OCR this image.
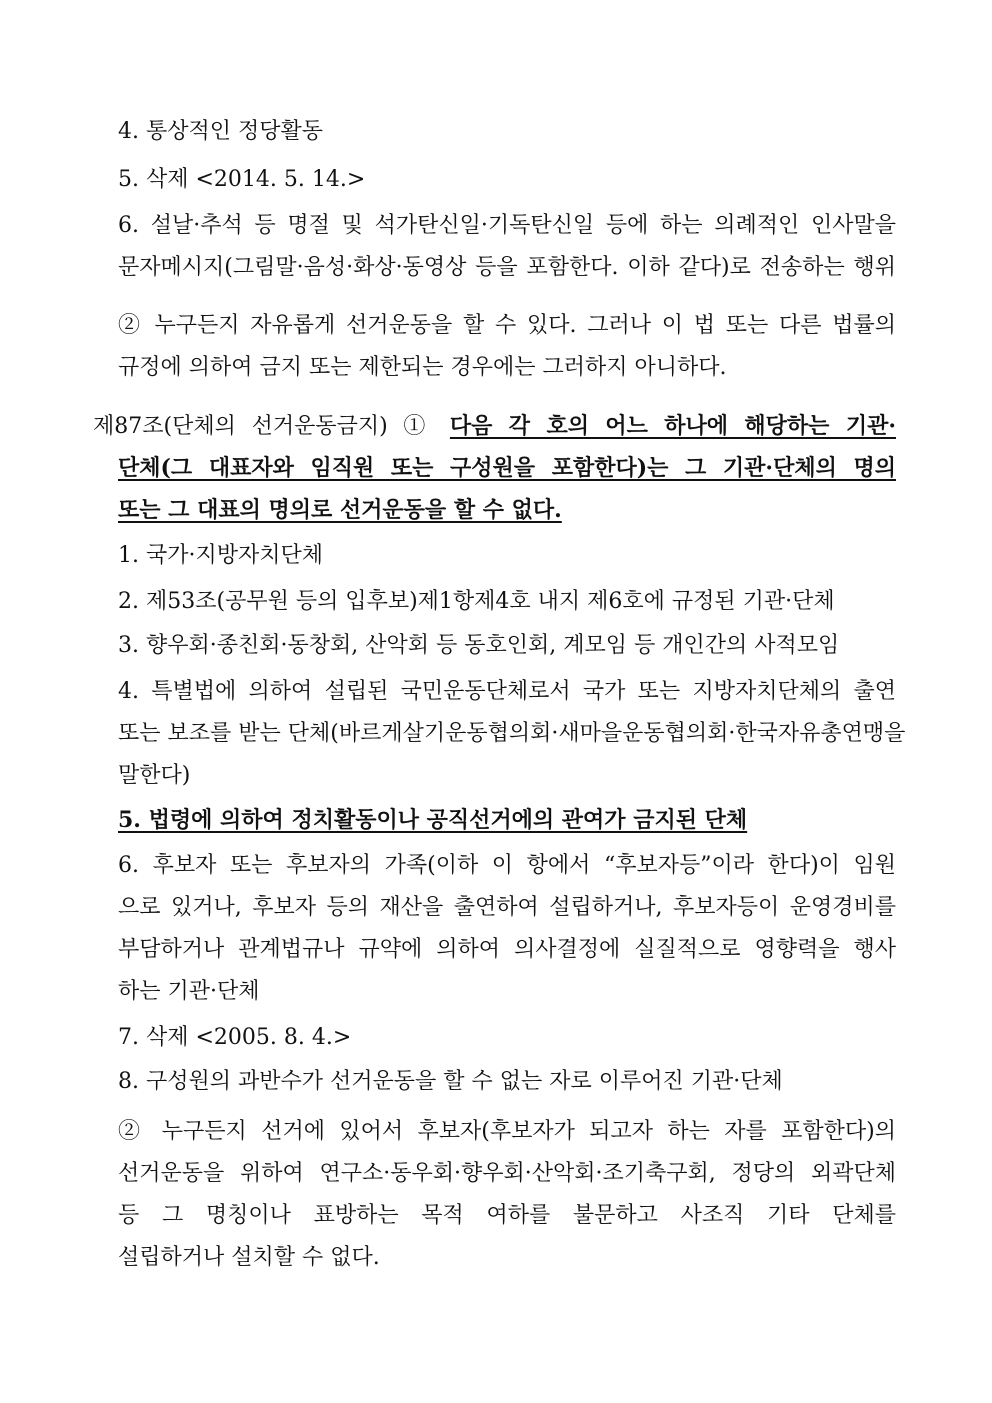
4. 통상적인 정당활동
5. 삭제 <2014. 5. 14.>
6. 설날·추석 등 명절 및 석가탄신일·기독탄신일 등에 하는 의례적인 인사말을
문자메시지(그림말·음성·화상·동영상 등을 포함한다. 이하 같다)로 전송하는 행위
② 누구든지 자유롭게 선거운동을 할 수 있다. 그러나 이 법 또는 다른 법률의
규정에 의하여 금지 또는 제한되는 경우에는 그러하지 아니하다.
제87조(단체의 선거운동금지) ① 다음 각 호의 어느 하나에 해당하는 기관·
단체(그 대표자와 임직원 또는 구성원을 포함한다)는 그 기관·단체의 명의
또는 그 대표의 명의로 선거운동을 할 수 없다.
1. 국가·지방자치단체
2. 제53조(공무원 등의 입후보)제1항제4호 내지 제6호에 규정된 기관·단체
3. 향우회·종친회·동창회, 산악회 등 동호인회, 계모임 등 개인간의 사적모임
4. 특별법에 의하여 설립된 국민운동단체로서 국가 또는 지방자치단체의 출연
또는 보조를 받는 단체(바르게살기운동협의회·새마을운동협의회·한국자유총연맹을
말한다)
5. 법령에 의하여 정치활동이나 공직선거에의 관여가 금지된 단체
6. 후보자 또는 후보자의 가족(이하 이 항에서 “후보자등”이라 한다)이 임원
으로 있거나, 후보자 등의 재산을 출연하여 설립하거나, 후보자등이 운영경비를
부담하거나 관계법규나 규약에 의하여 의사결정에 실질적으로 영향력을 행사
하는 기관·단체
7. 삭제 <2005. 8. 4.>
8. 구성원의 과반수가 선거운동을 할 수 없는 자로 이루어진 기관·단체
② 누구든지 선거에 있어서 후보자(후보자가 되고자 하는 자를 포함한다)의
선거운동을 위하여 연구소·동우회·향우회·산악회·조기축구회, 정당의 외곽단체
등 그 명칭이나 표방하는 목적 여하를 불문하고 사조직 기타 단체를
설립하거나 설치할 수 없다.
